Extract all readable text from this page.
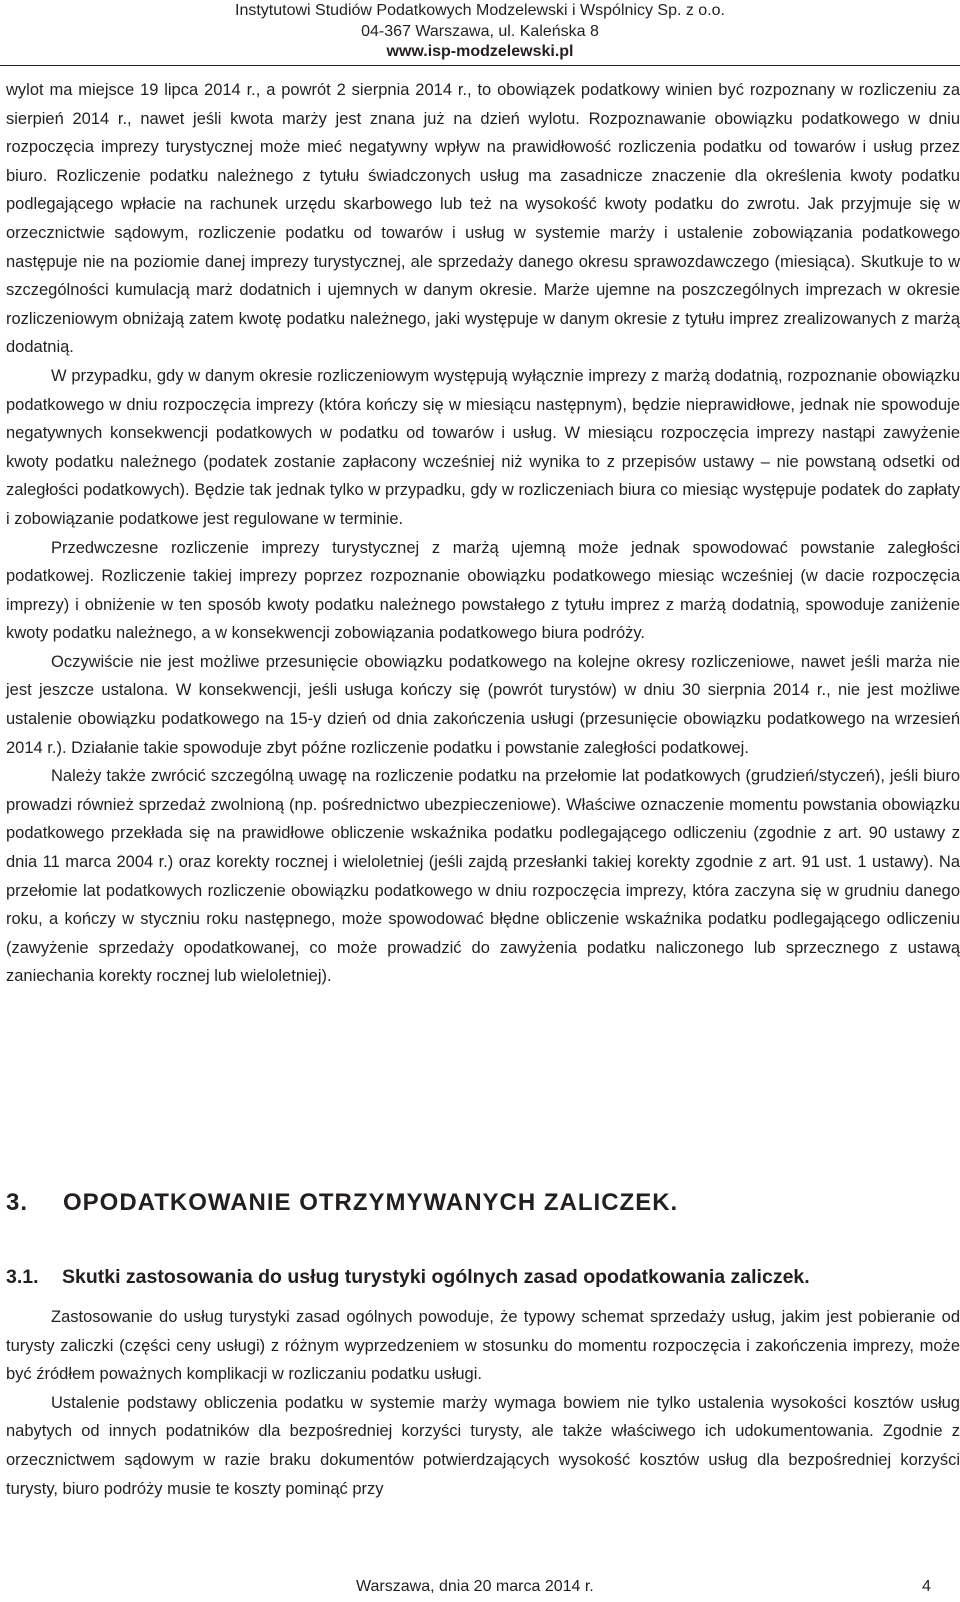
Instytutowi Studiów Podatkowych Modzelewski i Wspólnicy Sp. z o.o.
04-367 Warszawa, ul. Kaleńska 8
www.isp-modzelewski.pl

wylot ma miejsce 19 lipca 2014 r., a powrót 2 sierpnia 2014 r., to obowiązek podatkowy winien być rozpoznany w rozliczeniu za sierpień 2014 r., nawet jeśli kwota marży jest znana już na dzień wylotu. Rozpoznawanie obowiązku podatkowego w dniu rozpoczęcia imprezy turystycznej może mieć negatywny wpływ na prawidłowość rozliczenia podatku od towarów i usług przez biuro. Rozliczenie podatku należnego z tytułu świadczonych usług ma zasadnicze znaczenie dla określenia kwoty podatku podlegającego wpłacie na rachunek urzędu skarbowego lub też na wysokość kwoty podatku do zwrotu. Jak przyjmuje się w orzecznictwie sądowym, rozliczenie podatku od towarów i usług w systemie marży i ustalenie zobowiązania podatkowego następuje nie na poziomie danej imprezy turystycznej, ale sprzedaży danego okresu sprawozdawczego (miesiąca). Skutkuje to w szczególności kumulacją marż dodatnich i ujemnych w danym okresie. Marże ujemne na poszczególnych imprezach w okresie rozliczeniowym obniżają zatem kwotę podatku należnego, jaki występuje w danym okresie z tytułu imprez zrealizowanych z marżą dodatnią.

W przypadku, gdy w danym okresie rozliczeniowym występują wyłącznie imprezy z marżą dodatnią, rozpoznanie obowiązku podatkowego w dniu rozpoczęcia imprezy (która kończy się w miesiącu następnym), będzie nieprawidłowe, jednak nie spowoduje negatywnych konsekwencji podatkowych w podatku od towarów i usług. W miesiącu rozpoczęcia imprezy nastąpi zawyżenie kwoty podatku należnego (podatek zostanie zapłacony wcześniej niż wynika to z przepisów ustawy – nie powstaną odsetki od zaległości podatkowych). Będzie tak jednak tylko w przypadku, gdy w rozliczeniach biura co miesiąc występuje podatek do zapłaty i zobowiązanie podatkowe jest regulowane w terminie.

Przedwczesne rozliczenie imprezy turystycznej z marżą ujemną może jednak spowodować powstanie zaległości podatkowej. Rozliczenie takiej imprezy poprzez rozpoznanie obowiązku podatkowego miesiąc wcześniej (w dacie rozpoczęcia imprezy) i obniżenie w ten sposób kwoty podatku należnego powstałego z tytułu imprez z marżą dodatnią, spowoduje zaniżenie kwoty podatku należnego, a w konsekwencji zobowiązania podatkowego biura podróży.

Oczywiście nie jest możliwe przesunięcie obowiązku podatkowego na kolejne okresy rozliczeniowe, nawet jeśli marża nie jest jeszcze ustalona. W konsekwencji, jeśli usługa kończy się (powrót turystów) w dniu 30 sierpnia 2014 r., nie jest możliwe ustalenie obowiązku podatkowego na 15-y dzień od dnia zakończenia usługi (przesunięcie obowiązku podatkowego na wrzesień 2014 r.). Działanie takie spowoduje zbyt późne rozliczenie podatku i powstanie zaległości podatkowej.

Należy także zwrócić szczególną uwagę na rozliczenie podatku na przełomie lat podatkowych (grudzień/styczeń), jeśli biuro prowadzi również sprzedaż zwolnioną (np. pośrednictwo ubezpieczeniowe). Właściwe oznaczenie momentu powstania obowiązku podatkowego przekłada się na prawidłowe obliczenie wskaźnika podatku podlegającego odliczeniu (zgodnie z art. 90 ustawy z dnia 11 marca 2004 r.) oraz korekty rocznej i wieloletniej (jeśli zajdą przesłanki takiej korekty zgodnie z art. 91 ust. 1 ustawy). Na przełomie lat podatkowych rozliczenie obowiązku podatkowego w dniu rozpoczęcia imprezy, która zaczyna się w grudniu danego roku, a kończy w styczniu roku następnego, może spowodować błędne obliczenie wskaźnika podatku podlegającego odliczeniu (zawyżenie sprzedaży opodatkowanej, co może prowadzić do zawyżenia podatku naliczonego lub sprzecznego z ustawą zaniechania korekty rocznej lub wieloletniej).

3. OPODATKOWANIE OTRZYMYWANYCH ZALICZEK.
3.1. Skutki zastosowania do usług turystyki ogólnych zasad opodatkowania zaliczek.

Zastosowanie do usług turystyki zasad ogólnych powoduje, że typowy schemat sprzedaży usług, jakim jest pobieranie od turysty zaliczki (części ceny usługi) z różnym wyprzedzeniem w stosunku do momentu rozpoczęcia i zakończenia imprezy, może być źródłem poważnych komplikacji w rozliczaniu podatku usługi.

Ustalenie podstawy obliczenia podatku w systemie marży wymaga bowiem nie tylko ustalenia wysokości kosztów usług nabytych od innych podatników dla bezpośredniej korzyści turysty, ale także właściwego ich udokumentowania. Zgodnie z orzecznictwem sądowym w razie braku dokumentów potwierdzających wysokość kosztów usług dla bezpośredniej korzyści turysty, biuro podróży musie te koszty pominąć przy

Warszawa, dnia 20 marca 2014 r.	4
